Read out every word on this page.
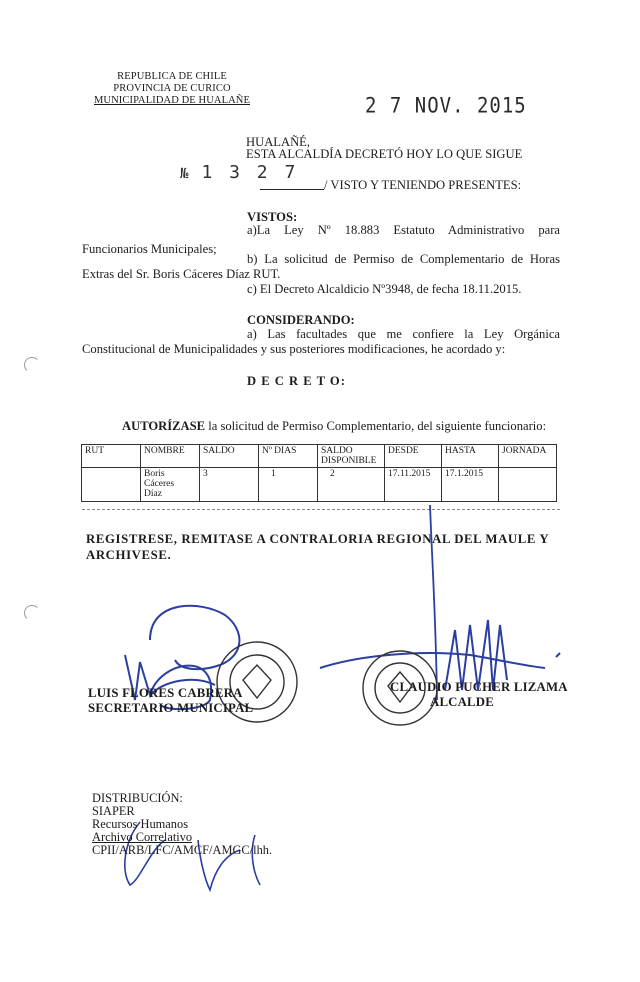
REPUBLICA DE CHILE
PROVINCIA DE CURICO
MUNICIPALIDAD DE HUALAÑE	2 7 NOV. 2015
HUALAÑÉ,
ESTA ALCALDÍA DECRETÓ HOY LO QUE SIGUE
№ 1 3 2 7
/ VISTO Y TENIENDO PRESENTES:
VISTOS:
a)La Ley Nº 18.883 Estatuto Administrativo para
Funcionarios Municipales;
b) La solicitud de Permiso de Complementario de Horas
Extras del Sr. Boris Cáceres Díaz RUT.
c) El Decreto Alcaldicio Nº3948, de fecha 18.11.2015.
CONSIDERANDO:
a) Las facultades que me confiere la Ley Orgánica
Constitucional de Municipalidades y sus posteriores modificaciones, he acordado y:
D E C R E T O:
AUTORÍZASE la solicitud de Permiso Complementario, del siguiente funcionario:
RUT	NOMBRE	SALDO	Nº DIAS	SALDO DISPONIBLE	DESDE	HASTA	JORNADA

	Boris
Cáceres
Díaz	3	1	2	17.11.2015	17.1.2015	
REGISTRESE, REMITASE A CONTRALORIA REGIONAL DEL MAULE Y
ARCHIVESE.
LUIS FLORES CABRERA
SECRETARIO MUNICIPAL
CLAUDIO PUCHER LIZAMA
ALCALDE
DISTRIBUCIÓN:
SIAPER
Recursos Humanos
Archivo Correlativo
CPII/ARB/LFC/AMCF/AMGC/lhh.
